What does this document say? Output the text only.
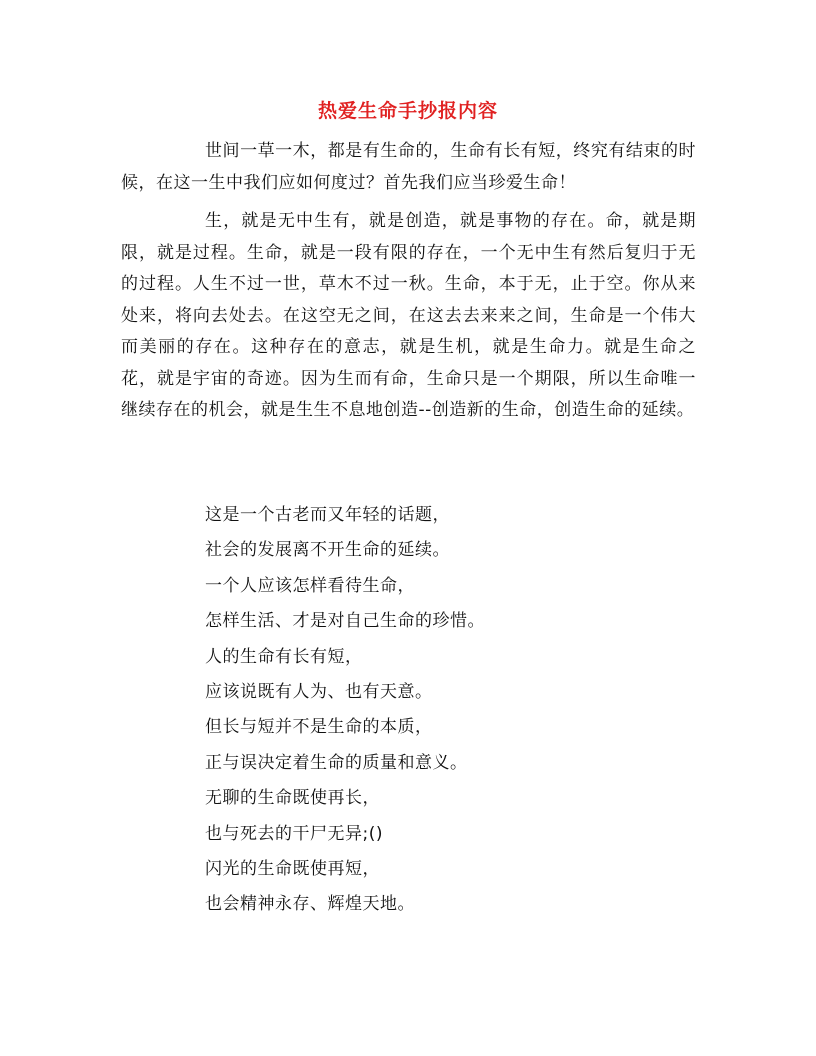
热爱生命手抄报内容

世间一草一木，都是有生命的，生命有长有短，终究有结束的时候，在这一生中我们应如何度过？首先我们应当珍爱生命！

生，就是无中生有，就是创造，就是事物的存在。命，就是期限，就是过程。生命，就是一段有限的存在，一个无中生有然后复归于无的过程。人生不过一世，草木不过一秋。生命，本于无，止于空。你从来处来，将向去处去。在这空无之间，在这去去来来之间，生命是一个伟大而美丽的存在。这种存在的意志，就是生机，就是生命力。就是生命之花，就是宇宙的奇迹。因为生而有命，生命只是一个期限，所以生命唯一继续存在的机会，就是生生不息地创造--创造新的生命，创造生命的延续。

这是一个古老而又年轻的话题，
社会的发展离不开生命的延续。
一个人应该怎样看待生命，
怎样生活、才是对自己生命的珍惜。
人的生命有长有短，
应该说既有人为、也有天意。
但长与短并不是生命的本质，
正与误决定着生命的质量和意义。
无聊的生命既使再长，
也与死去的干尸无异;()
闪光的生命既使再短，
也会精神永存、辉煌天地。
